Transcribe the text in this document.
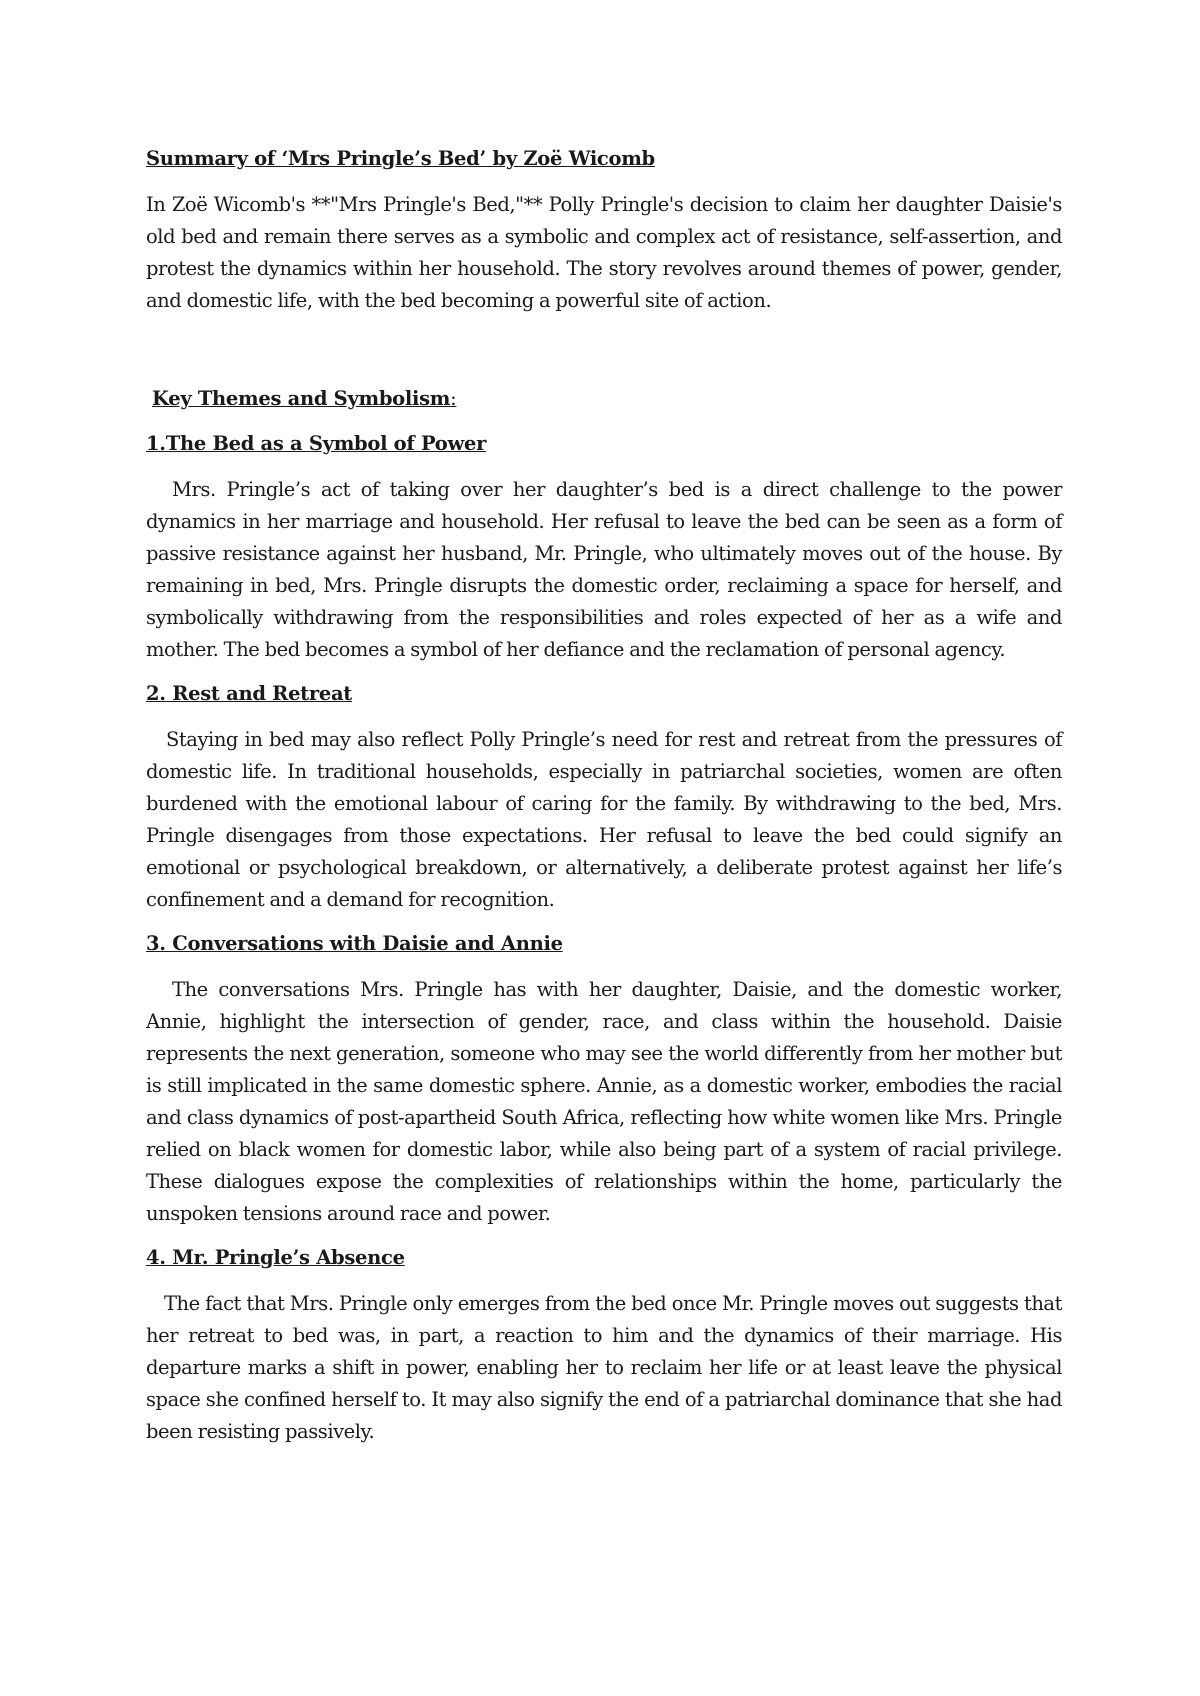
Summary of ‘Mrs Pringle’s Bed’ by Zoë Wicomb

In Zoë Wicomb's **"Mrs Pringle's Bed,"** Polly Pringle's decision to claim her daughter Daisie's old bed and remain there serves as a symbolic and complex act of resistance, self-assertion, and protest the dynamics within her household. The story revolves around themes of power, gender, and domestic life, with the bed becoming a powerful site of action.

Key Themes and Symbolism:

1.The Bed as a Symbol of Power

Mrs. Pringle’s act of taking over her daughter’s bed is a direct challenge to the power dynamics in her marriage and household. Her refusal to leave the bed can be seen as a form of passive resistance against her husband, Mr. Pringle, who ultimately moves out of the house. By remaining in bed, Mrs. Pringle disrupts the domestic order, reclaiming a space for herself, and symbolically withdrawing from the responsibilities and roles expected of her as a wife and mother. The bed becomes a symbol of her defiance and the reclamation of personal agency.

2. Rest and Retreat

Staying in bed may also reflect Polly Pringle’s need for rest and retreat from the pressures of domestic life. In traditional households, especially in patriarchal societies, women are often burdened with the emotional labour of caring for the family. By withdrawing to the bed, Mrs. Pringle disengages from those expectations. Her refusal to leave the bed could signify an emotional or psychological breakdown, or alternatively, a deliberate protest against her life’s confinement and a demand for recognition.

3. Conversations with Daisie and Annie

The conversations Mrs. Pringle has with her daughter, Daisie, and the domestic worker, Annie, highlight the intersection of gender, race, and class within the household. Daisie represents the next generation, someone who may see the world differently from her mother but is still implicated in the same domestic sphere. Annie, as a domestic worker, embodies the racial and class dynamics of post-apartheid South Africa, reflecting how white women like Mrs. Pringle relied on black women for domestic labor, while also being part of a system of racial privilege. These dialogues expose the complexities of relationships within the home, particularly the unspoken tensions around race and power.

4. Mr. Pringle’s Absence

The fact that Mrs. Pringle only emerges from the bed once Mr. Pringle moves out suggests that her retreat to bed was, in part, a reaction to him and the dynamics of their marriage. His departure marks a shift in power, enabling her to reclaim her life or at least leave the physical space she confined herself to. It may also signify the end of a patriarchal dominance that she had been resisting passively.
